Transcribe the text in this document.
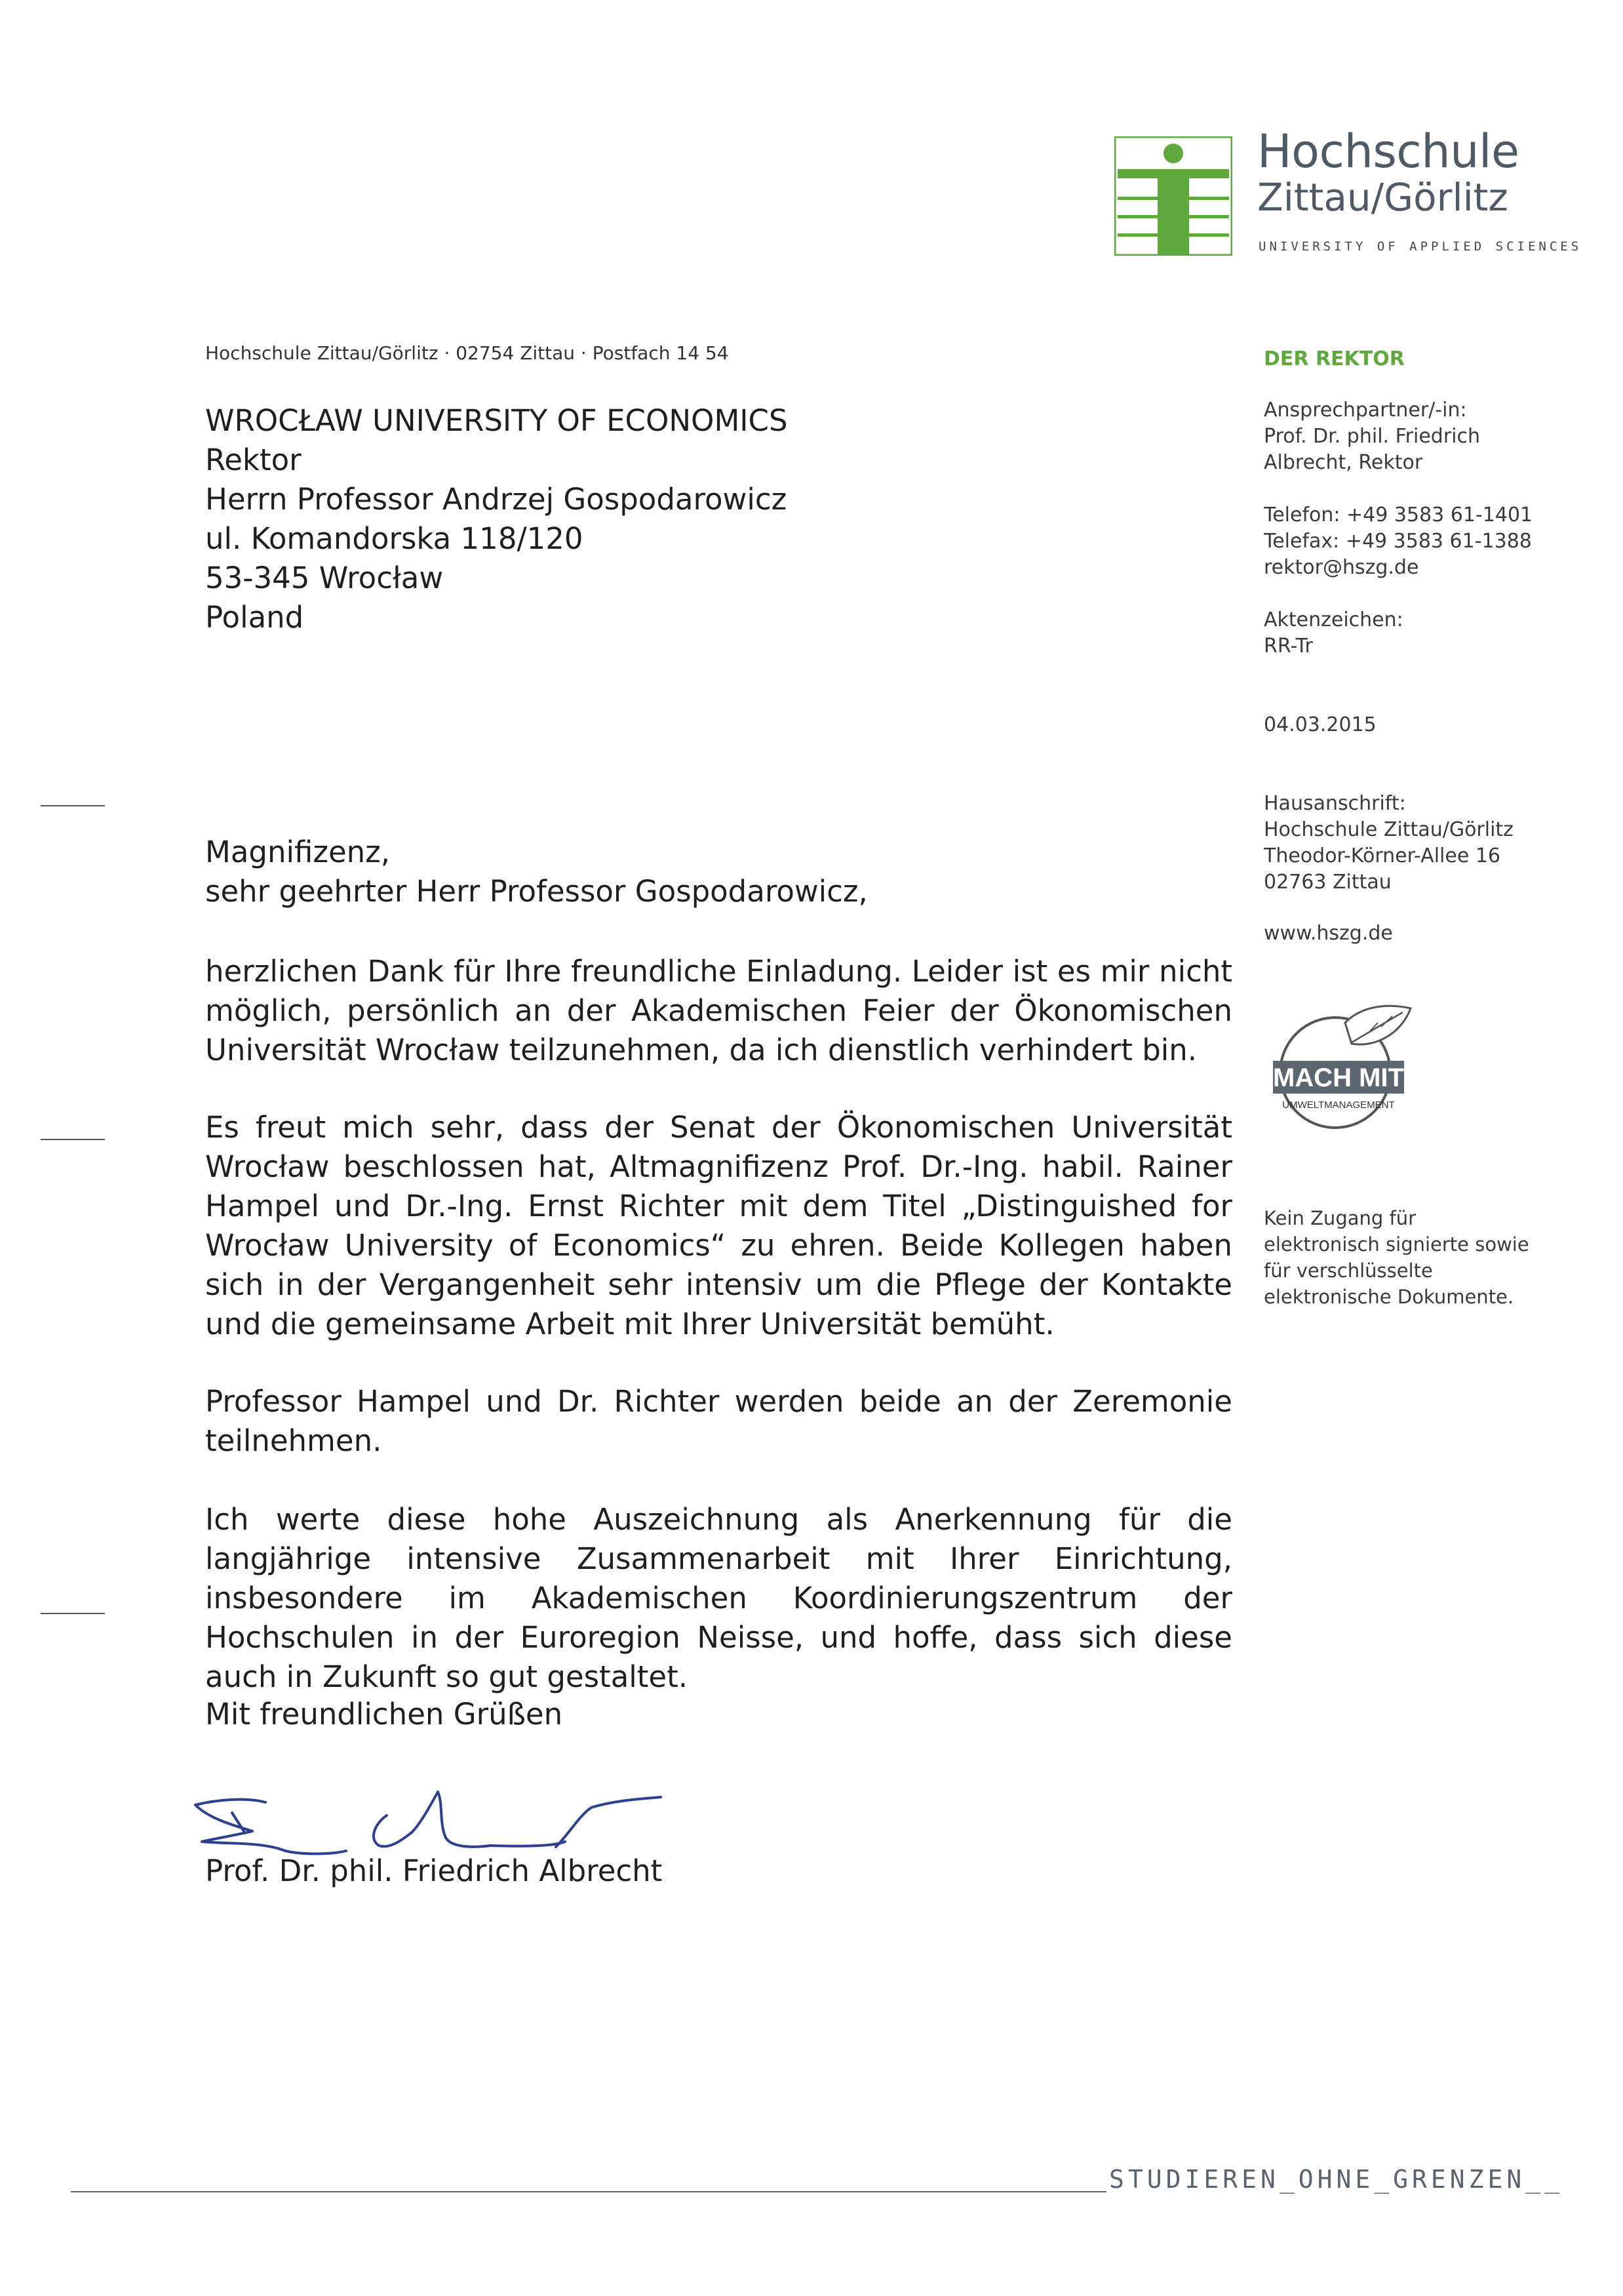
Hochschule
Zittau/Görlitz
UNIVERSITY OF APPLIED SCIENCES
Hochschule Zittau/Görlitz · 02754 Zittau · Postfach 14 54
WROCŁAW UNIVERSITY OF ECONOMICS
Rektor
Herrn Professor Andrzej Gospodarowicz
ul. Komandorska 118/120
53-345 Wrocław
Poland
DER REKTOR
Ansprechpartner/-in:
Prof. Dr. phil. Friedrich
Albrecht, Rektor
Telefon: +49 3583 61-1401
Telefax: +49 3583 61-1388
rektor@hszg.de
Aktenzeichen:
RR-Tr
04.03.2015
Hausanschrift:
Hochschule Zittau/Görlitz
Theodor-Körner-Allee 16
02763 Zittau
www.hszg.de
MACH MIT
UMWELTMANAGEMENT
Kein Zugang für
elektronisch signierte sowie
für verschlüsselte
elektronische Dokumente.
Magnifizenz,
sehr geehrter Herr Professor Gospodarowicz,
herzlichen Dank für Ihre freundliche Einladung. Leider ist es mir nicht möglich, persönlich an der Akademischen Feier der Ökonomischen Universität Wrocław teilzunehmen, da ich dienstlich verhindert bin.
Es freut mich sehr, dass der Senat der Ökonomischen Universität Wrocław beschlossen hat, Altmagnifizenz Prof. Dr.-Ing. habil. Rainer Hampel und Dr.-Ing. Ernst Richter mit dem Titel „Distinguished for Wrocław University of Economics“ zu ehren. Beide Kollegen haben sich in der Vergangenheit sehr intensiv um die Pflege der Kontakte und die gemeinsame Arbeit mit Ihrer Universität bemüht.
Professor Hampel und Dr. Richter werden beide an der Zeremonie teilnehmen.
Ich werte diese hohe Auszeichnung als Anerkennung für die langjährige intensive Zusammenarbeit mit Ihrer Einrichtung, insbesondere im Akademischen Koordinierungszentrum der Hochschulen in der Euroregion Neisse, und hoffe, dass sich diese auch in Zukunft so gut gestaltet.
Mit freundlichen Grüßen
Prof. Dr. phil. Friedrich Albrecht
STUDIEREN_OHNE_GRENZEN__
